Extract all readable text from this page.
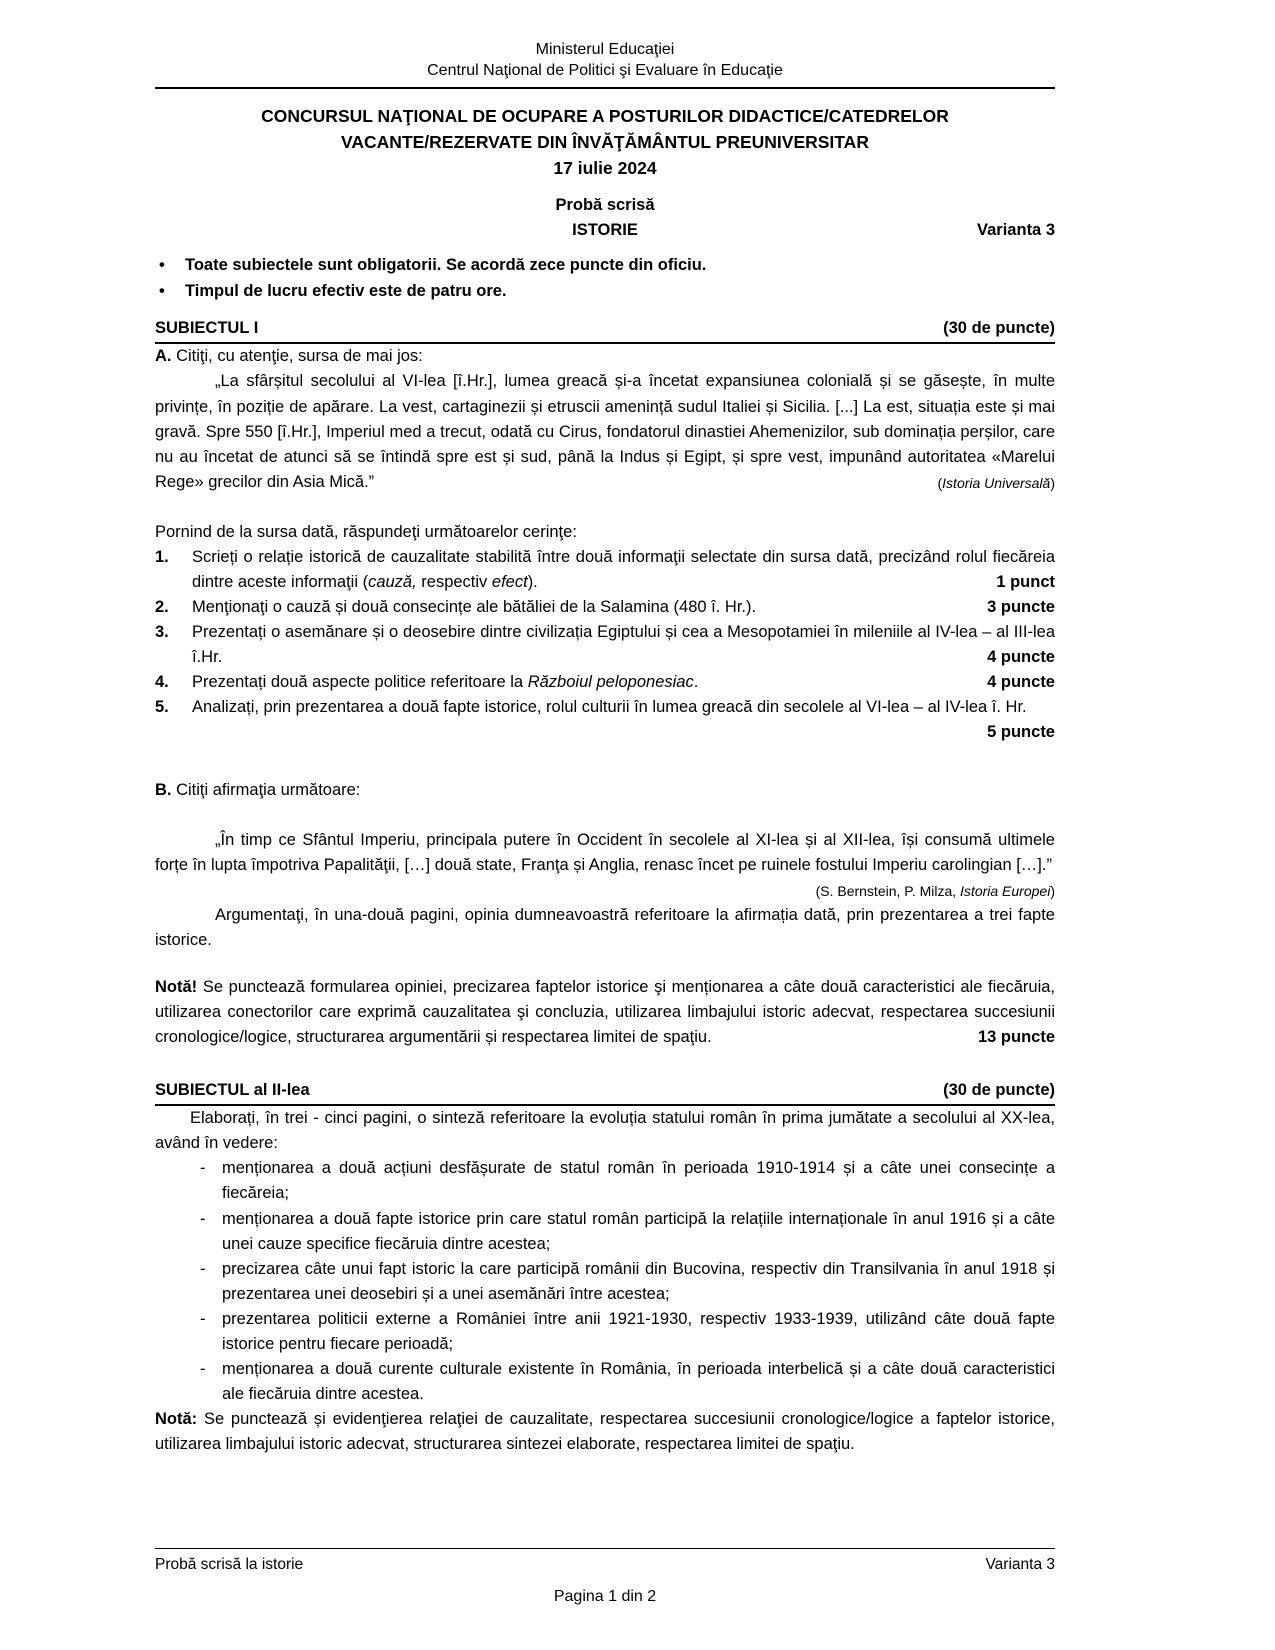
Ministerul Educaţiei
Centrul Naţional de Politici şi Evaluare în Educaţie
CONCURSUL NAŢIONAL DE OCUPARE A POSTURILOR DIDACTICE/CATEDRELOR
VACANTE/REZERVATE DIN ÎNVĂŢĂMÂNTUL PREUNIVERSITAR
17 iulie 2024
Probă scrisă
ISTORIE	Varianta 3
•	Toate subiectele sunt obligatorii. Se acordă zece puncte din oficiu.
•	Timpul de lucru efectiv este de patru ore.
SUBIECTUL I	(30 de puncte)

A. Citiţi, cu atenţie, sursa de mai jos:

„La sfârșitul secolului al VI-lea [î.Hr.], lumea greacă și-a încetat expansiunea colonială și se găsește, în multe privințe, în poziție de apărare. La vest, cartaginezii și etruscii amenință sudul Italiei și Sicilia. [...] La est, situația este și mai gravă. Spre 550 [î.Hr.], Imperiul med a trecut, odată cu Cirus, fondatorul dinastiei Ahemenizilor, sub dominația perșilor, care nu au încetat de atunci să se întindă spre est și sud, până la Indus și Egipt, și spre vest, impunând autoritatea «Marelui Rege» grecilor din Asia Mică.”	(Istoria Universală)

Pornind de la sursa dată, răspundeţi următoarelor cerinţe:

1.	Scrieți o relație istorică de cauzalitate stabilită între două informaţii selectate din sursa dată, precizând rolul fiecăreia dintre aceste informaţii (cauză, respectiv efect).	1 punct
2.	Menţionaţi o cauză și două consecințe ale bătăliei de la Salamina (480 î. Hr.).	3 puncte
3.	Prezentați o asemănare și o deosebire dintre civilizația Egiptului și cea a Mesopotamiei în mileniile al IV-lea – al III-lea î.Hr.	4 puncte
4.	Prezentați două aspecte politice referitoare la Războiul peloponesiac.	4 puncte
5.	Analizați, prin prezentarea a două fapte istorice, rolul culturii în lumea greacă din secolele al VI-lea – al IV-lea î. Hr.
5 puncte

B. Citiţi afirmaţia următoare:

„În timp ce Sfântul Imperiu, principala putere în Occident în secolele al XI-lea și al XII-lea, își consumă ultimele forțe în lupta împotriva Papalităţii, […] două state, Franţa și Anglia, renasc încet pe ruinele fostului Imperiu carolingian […].”
(S. Bernstein, P. Milza, Istoria Europei)

Argumentaţi, în una-două pagini, opinia dumneavoastră referitoare la afirmația dată, prin prezentarea a trei fapte istorice.

Notă! Se punctează formularea opiniei, precizarea faptelor istorice şi menționarea a câte două caracteristici ale fiecăruia, utilizarea conectorilor care exprimă cauzalitatea şi concluzia, utilizarea limbajului istoric adecvat, respectarea succesiunii cronologice/logice, structurarea argumentării și respectarea limitei de spaţiu.	13 puncte

SUBIECTUL al II-lea	(30 de puncte)

Elaborați, în trei - cinci pagini, o sinteză referitoare la evoluția statului român în prima jumătate a secolului al XX-lea, având în vedere:

-	menționarea a două acțiuni desfășurate de statul român în perioada 1910-1914 și a câte unei consecințe a fiecăreia;
-	menționarea a două fapte istorice prin care statul român participă la relațiile internaționale în anul 1916 și a câte unei cauze specifice fiecăruia dintre acestea;
-	precizarea câte unui fapt istoric la care participă românii din Bucovina, respectiv din Transilvania în anul 1918 și prezentarea unei deosebiri și a unei asemănări între acestea;
-	prezentarea politicii externe a României între anii 1921-1930, respectiv 1933-1939, utilizând câte două fapte istorice pentru fiecare perioadă;
-	menționarea a două curente culturale existente în România, în perioada interbelică și a câte două caracteristici ale fiecăruia dintre acestea.

Notă: Se punctează și evidenţierea relaţiei de cauzalitate, respectarea succesiunii cronologice/logice a faptelor istorice, utilizarea limbajului istoric adecvat, structurarea sintezei elaborate, respectarea limitei de spaţiu.

Probă scrisă la istorie	Varianta 3
Pagina 1 din 2
